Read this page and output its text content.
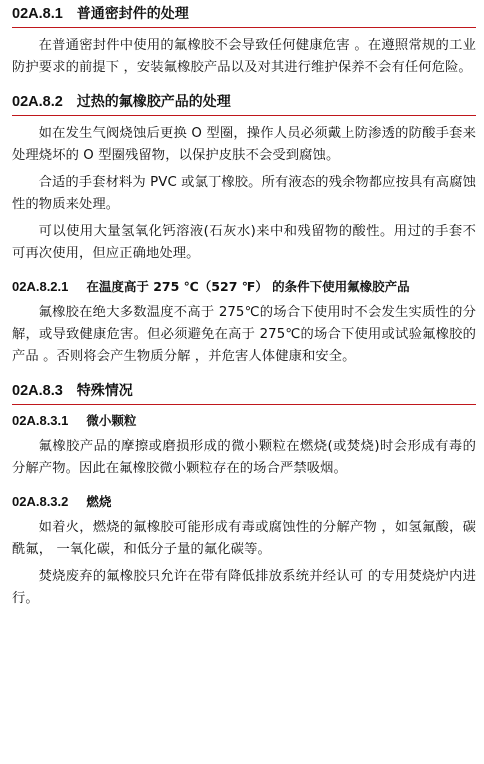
02A.8.1 普通密封件的处理

在普通密封件中使用的氟橡胶不会导致任何健康危害 。在遵照常规的工业防护要求的前提下 ，安装氟橡胶产品以及对其进行维护保养不会有任何危险。

02A.8.2 过热的氟橡胶产品的处理

如在发生气阀烧蚀后更换 O 型圈，操作人员必须戴上防渗透的防酸手套来处理烧坏的 O 型圈残留物，以保护皮肤不会受到腐蚀。

合适的手套材料为 PVC 或氯丁橡胶。所有液态的残余物都应按具有高腐蚀性的物质来处理。

可以使用大量氢氧化钙溶液(石灰水)来中和残留物的酸性。用过的手套不可再次使用，但应正确地处理。

02A.8.2.1 在温度高于 275 ℃（527 ℉） 的条件下使用氟橡胶产品

氟橡胶在绝大多数温度不高于 275℃的场合下使用时不会发生实质性的分解，或导致健康危害。但必须避免在高于 275℃的场合下使用或试验氟橡胶的产品 。否则将会产生物质分解 ，并危害人体健康和安全。

02A.8.3 特殊情况
02A.8.3.1 微小颗粒

氟橡胶产品的摩擦或磨损形成的微小颗粒在燃烧(或焚烧)时会形成有毒的分解产物。因此在氟橡胶微小颗粒存在的场合严禁吸烟。

02A.8.3.2 燃烧

如着火，燃烧的氟橡胶可能形成有毒或腐蚀性的分解产物 ，如氢氟酸，碳酰氟， 一氧化碳，和低分子量的氟化碳等。

焚烧废弃的氟橡胶只允许在带有降低排放系统并经认可 的专用焚烧炉内进行。
